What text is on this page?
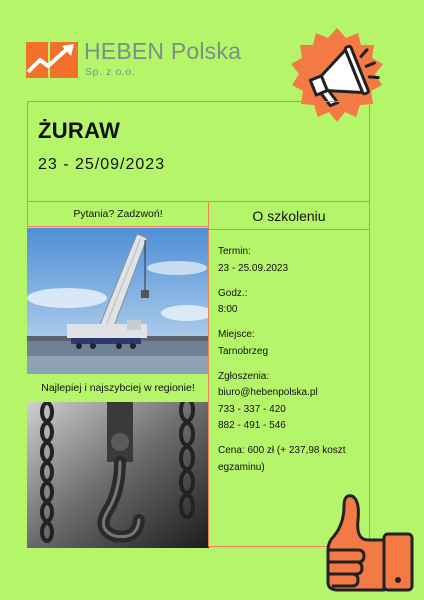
HEBEN Polska
Sp. z o.o.
ŻURAW
23 - 25/09/2023
Pytania? Zadzwoń!	O szkoleniu
Najlepiej i najszybciej w regionie!
Termin:
23 - 25.09.2023
Godz.:
8:00
Miejsce:
Tarnobrzeg
Zgłoszenia:
biuro@hebenpolska.pl
733 - 337 - 420
882 - 491 - 546
Cena: 600 zł (+ 237,98 koszt egzaminu)
